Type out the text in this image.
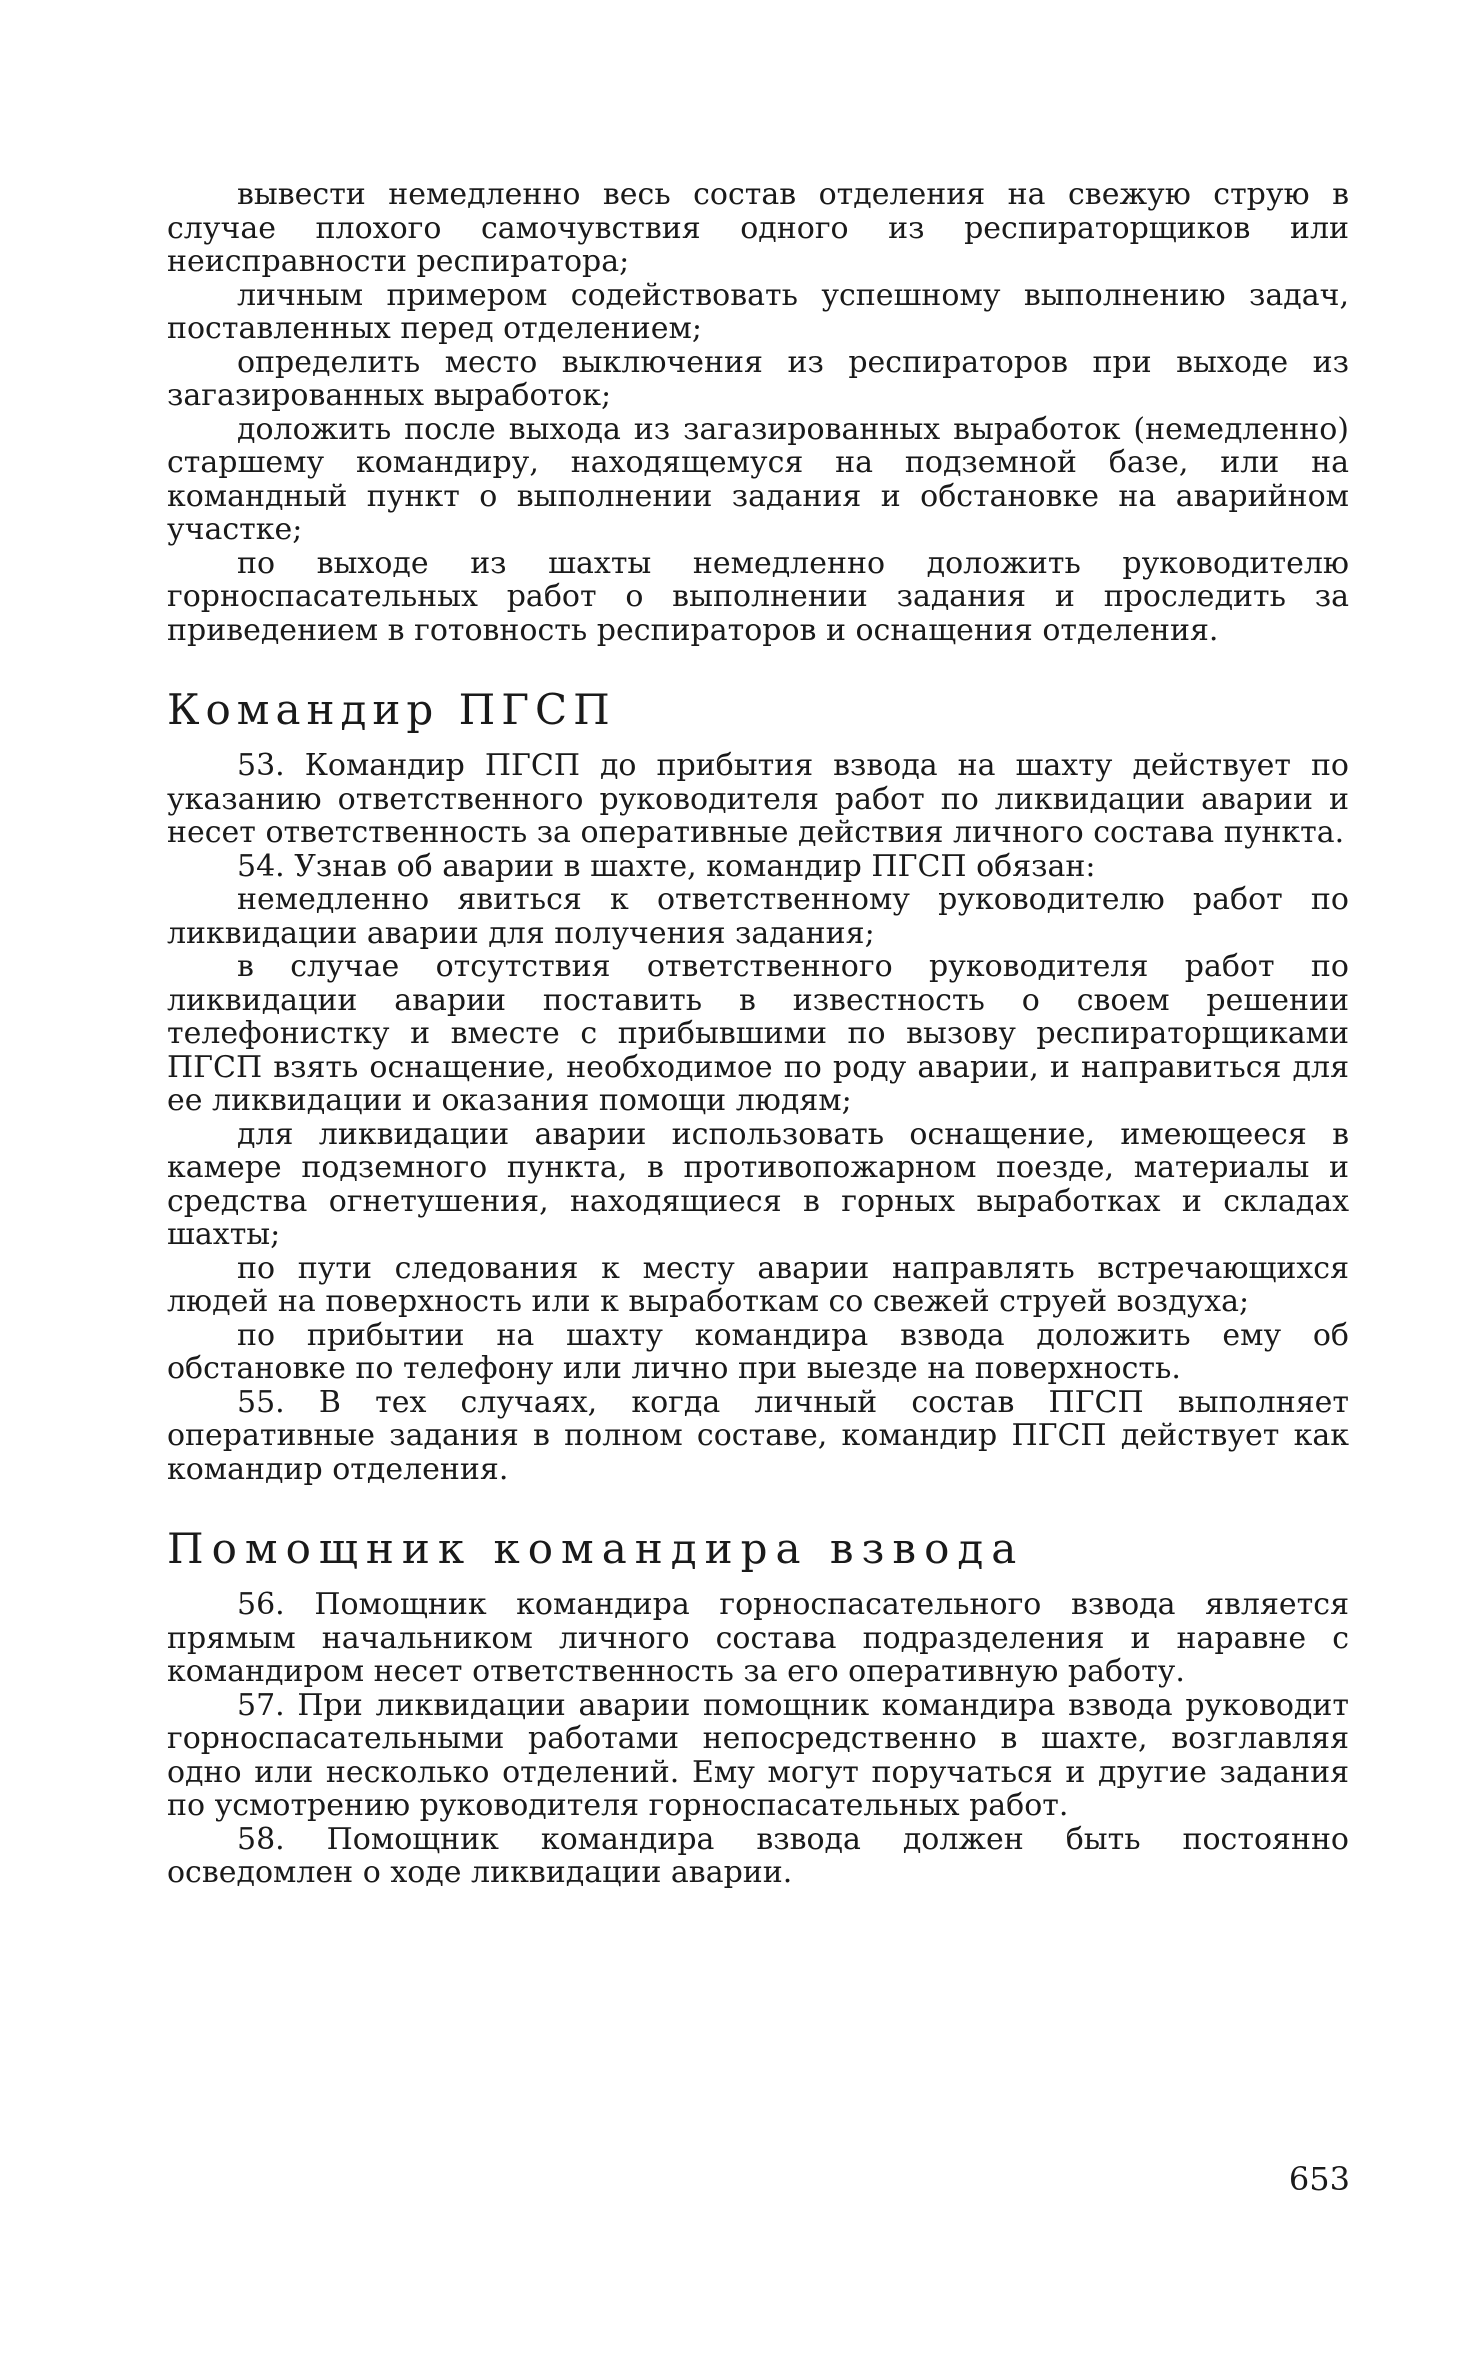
вывести немедленно весь состав отделения на свежую струю в случае плохого самочувствия одного из респираторщиков или неисправности респиратора;

личным примером содействовать успешному выполнению задач, поставленных перед отделением;

определить место выключения из респираторов при выходе из загазированных выработок;

доложить после выхода из загазированных выработок (немедленно) старшему командиру, находящемуся на подземной базе, или на командный пункт о выполнении задания и обстановке на аварийном участке;

по выходе из шахты немедленно доложить руководителю горноспасательных работ о выполнении задания и проследить за приведением в готовность респираторов и оснащения отделения.

Командир ПГСП

53. Командир ПГСП до прибытия взвода на шахту действует по указанию ответственного руководителя работ по ликвидации аварии и несет ответственность за оперативные действия личного состава пункта.

54. Узнав об аварии в шахте, командир ПГСП обязан:

немедленно явиться к ответственному руководителю работ по ликвидации аварии для получения задания;

в случае отсутствия ответственного руководителя работ по ликвидации аварии поставить в известность о своем решении телефонистку и вместе с прибывшими по вызову респираторщиками ПГСП взять оснащение, необходимое по роду аварии, и направиться для ее ликвидации и оказания помощи людям;

для ликвидации аварии использовать оснащение, имеющееся в камере подземного пункта, в противопожарном поезде, материалы и средства огнетушения, находящиеся в горных выработках и складах шахты;

по пути следования к месту аварии направлять встречающихся людей на поверхность или к выработкам со свежей струей воздуха;

по прибытии на шахту командира взвода доложить ему об обстановке по телефону или лично при выезде на поверхность.

55. В тех случаях, когда личный состав ПГСП выполняет оперативные задания в полном составе, командир ПГСП действует как командир отделения.

Помощник командира взвода

56. Помощник командира горноспасательного взвода является прямым начальником личного состава подразделения и наравне с командиром несет ответственность за его оперативную работу.

57. При ликвидации аварии помощник командира взвода руководит горноспасательными работами непосредственно в шахте, возглавляя одно или несколько отделений. Ему могут поручаться и другие задания по усмотрению руководителя горноспасательных работ.

58. Помощник командира взвода должен быть постоянно осведомлен о ходе ликвидации аварии.

653
